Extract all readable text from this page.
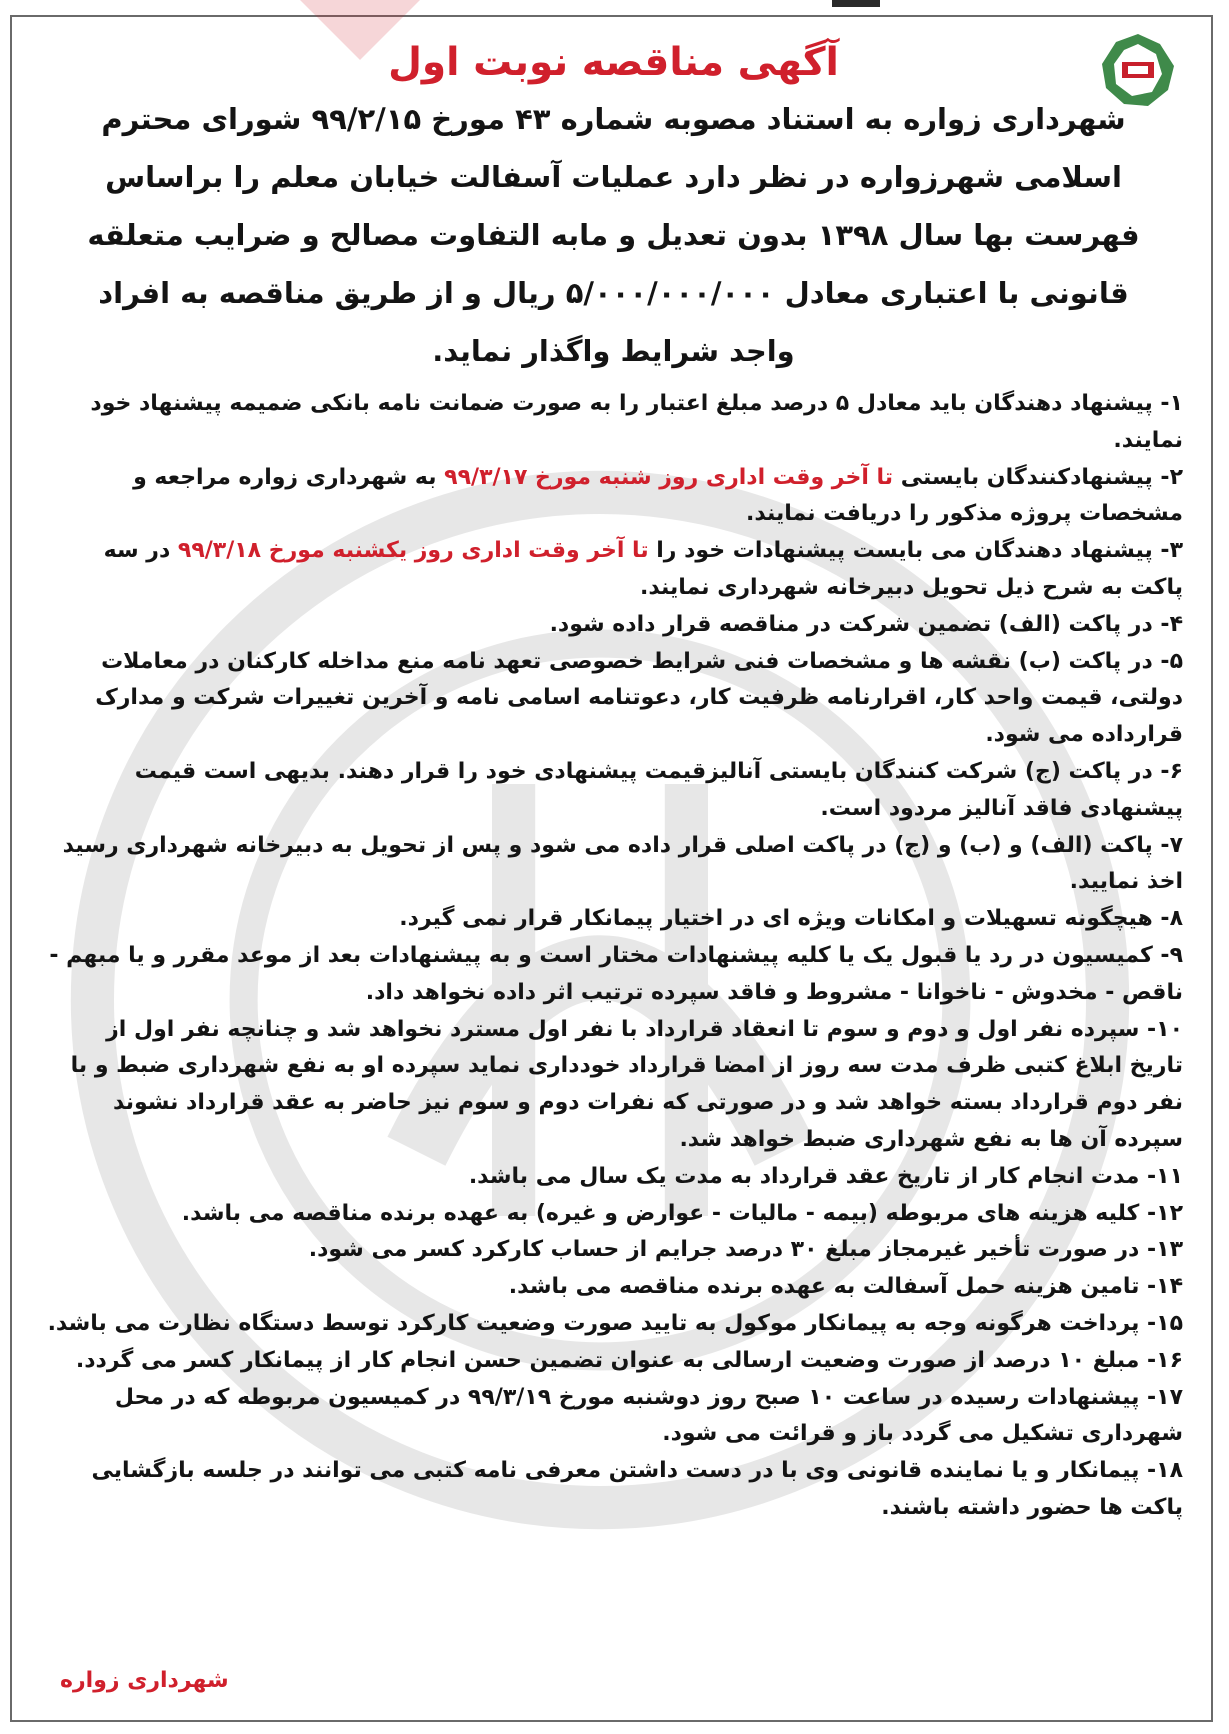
آگهی مناقصه نوبت اول
شهرداری زواره به استناد مصوبه شماره ۴۳ مورخ ۹۹/۲/۱۵ شورای محترم اسلامی شهرزواره در نظر دارد عملیات آسفالت خیابان معلم را براساس فهرست بها سال ۱۳۹۸ بدون تعدیل و مابه التفاوت مصالح و ضرایب متعلقه قانونی با اعتباری معادل ۵/۰۰۰/۰۰۰/۰۰۰ ریال و از طریق مناقصه به افراد واجد شرایط واگذار نماید.
۱- پیشنهاد دهندگان باید معادل ۵ درصد مبلغ اعتبار را به صورت ضمانت نامه بانکی ضمیمه پیشنهاد خود نمایند.
۲- پیشنهادکنندگان بایستی تا آخر وقت اداری روز شنبه مورخ ۹۹/۳/۱۷ به شهرداری زواره مراجعه و مشخصات پروژه مذکور را دریافت نمایند.
۳- پیشنهاد دهندگان می بایست پیشنهادات خود را تا آخر وقت اداری روز یکشنبه مورخ ۹۹/۳/۱۸ در سه پاکت به شرح ذیل تحویل دبیرخانه شهرداری نمایند.
۴- در پاکت (الف) تضمین شرکت در مناقصه قرار داده شود.
۵- در پاکت (ب) نقشه ها و مشخصات فنی شرایط خصوصی تعهد نامه منع مداخله کارکنان در معاملات دولتی، قیمت واحد کار، اقرارنامه ظرفیت کار، دعوتنامه اسامی نامه و آخرین تغییرات شرکت و مدارک قرارداده می شود.
۶- در پاکت (ج) شرکت کنندگان بایستی آنالیزقیمت پیشنهادی خود را قرار دهند. بدیهی است قیمت پیشنهادی فاقد آنالیز مردود است.
۷- پاکت (الف) و (ب) و (ج) در پاکت اصلی قرار داده می شود و پس از تحویل به دبیرخانه شهرداری رسید اخذ نمایید.
۸- هیچگونه تسهیلات و امکانات ویژه ای در اختیار پیمانکار قرار نمی گیرد.
۹- کمیسیون در رد یا قبول یک یا کلیه پیشنهادات مختار است و به پیشنهادات بعد از موعد مقرر و یا مبهم - ناقص - مخدوش - ناخوانا - مشروط و فاقد سپرده ترتیب اثر داده نخواهد داد.
۱۰- سپرده نفر اول و دوم و سوم تا انعقاد قرارداد با نفر اول مسترد نخواهد شد و چنانچه نفر اول از تاریخ ابلاغ کتبی ظرف مدت سه روز از امضا قرارداد خودداری نماید سپرده او به نفع شهرداری ضبط و با نفر دوم قرارداد بسته خواهد شد و در صورتی که نفرات دوم و سوم نیز حاضر به عقد قرارداد نشوند سپرده آن ها به نفع شهرداری ضبط خواهد شد.
۱۱- مدت انجام کار از تاریخ عقد قرارداد به مدت یک سال می باشد.
۱۲- کلیه هزینه های مربوطه (بیمه - مالیات - عوارض و غیره) به عهده برنده مناقصه می باشد.
۱۳- در صورت تأخیر غیرمجاز مبلغ ۳۰ درصد جرایم از حساب کارکرد کسر می شود.
۱۴- تامین هزینه حمل آسفالت به عهده برنده مناقصه می باشد.
۱۵- پرداخت هرگونه وجه به پیمانکار موکول به تایید صورت وضعیت کارکرد توسط دستگاه نظارت می باشد.
۱۶- مبلغ ۱۰ درصد از صورت وضعیت ارسالی به عنوان تضمین حسن انجام کار از پیمانکار کسر می گردد.
۱۷- پیشنهادات رسیده در ساعت ۱۰ صبح روز دوشنبه مورخ ۹۹/۳/۱۹ در کمیسیون مربوطه که در محل شهرداری تشکیل می گردد باز و قرائت می شود.
۱۸- پیمانکار و یا نماینده قانونی وی با در دست داشتن معرفی نامه کتبی می توانند در جلسه بازگشایی پاکت ها حضور داشته باشند.
شهرداری زواره
